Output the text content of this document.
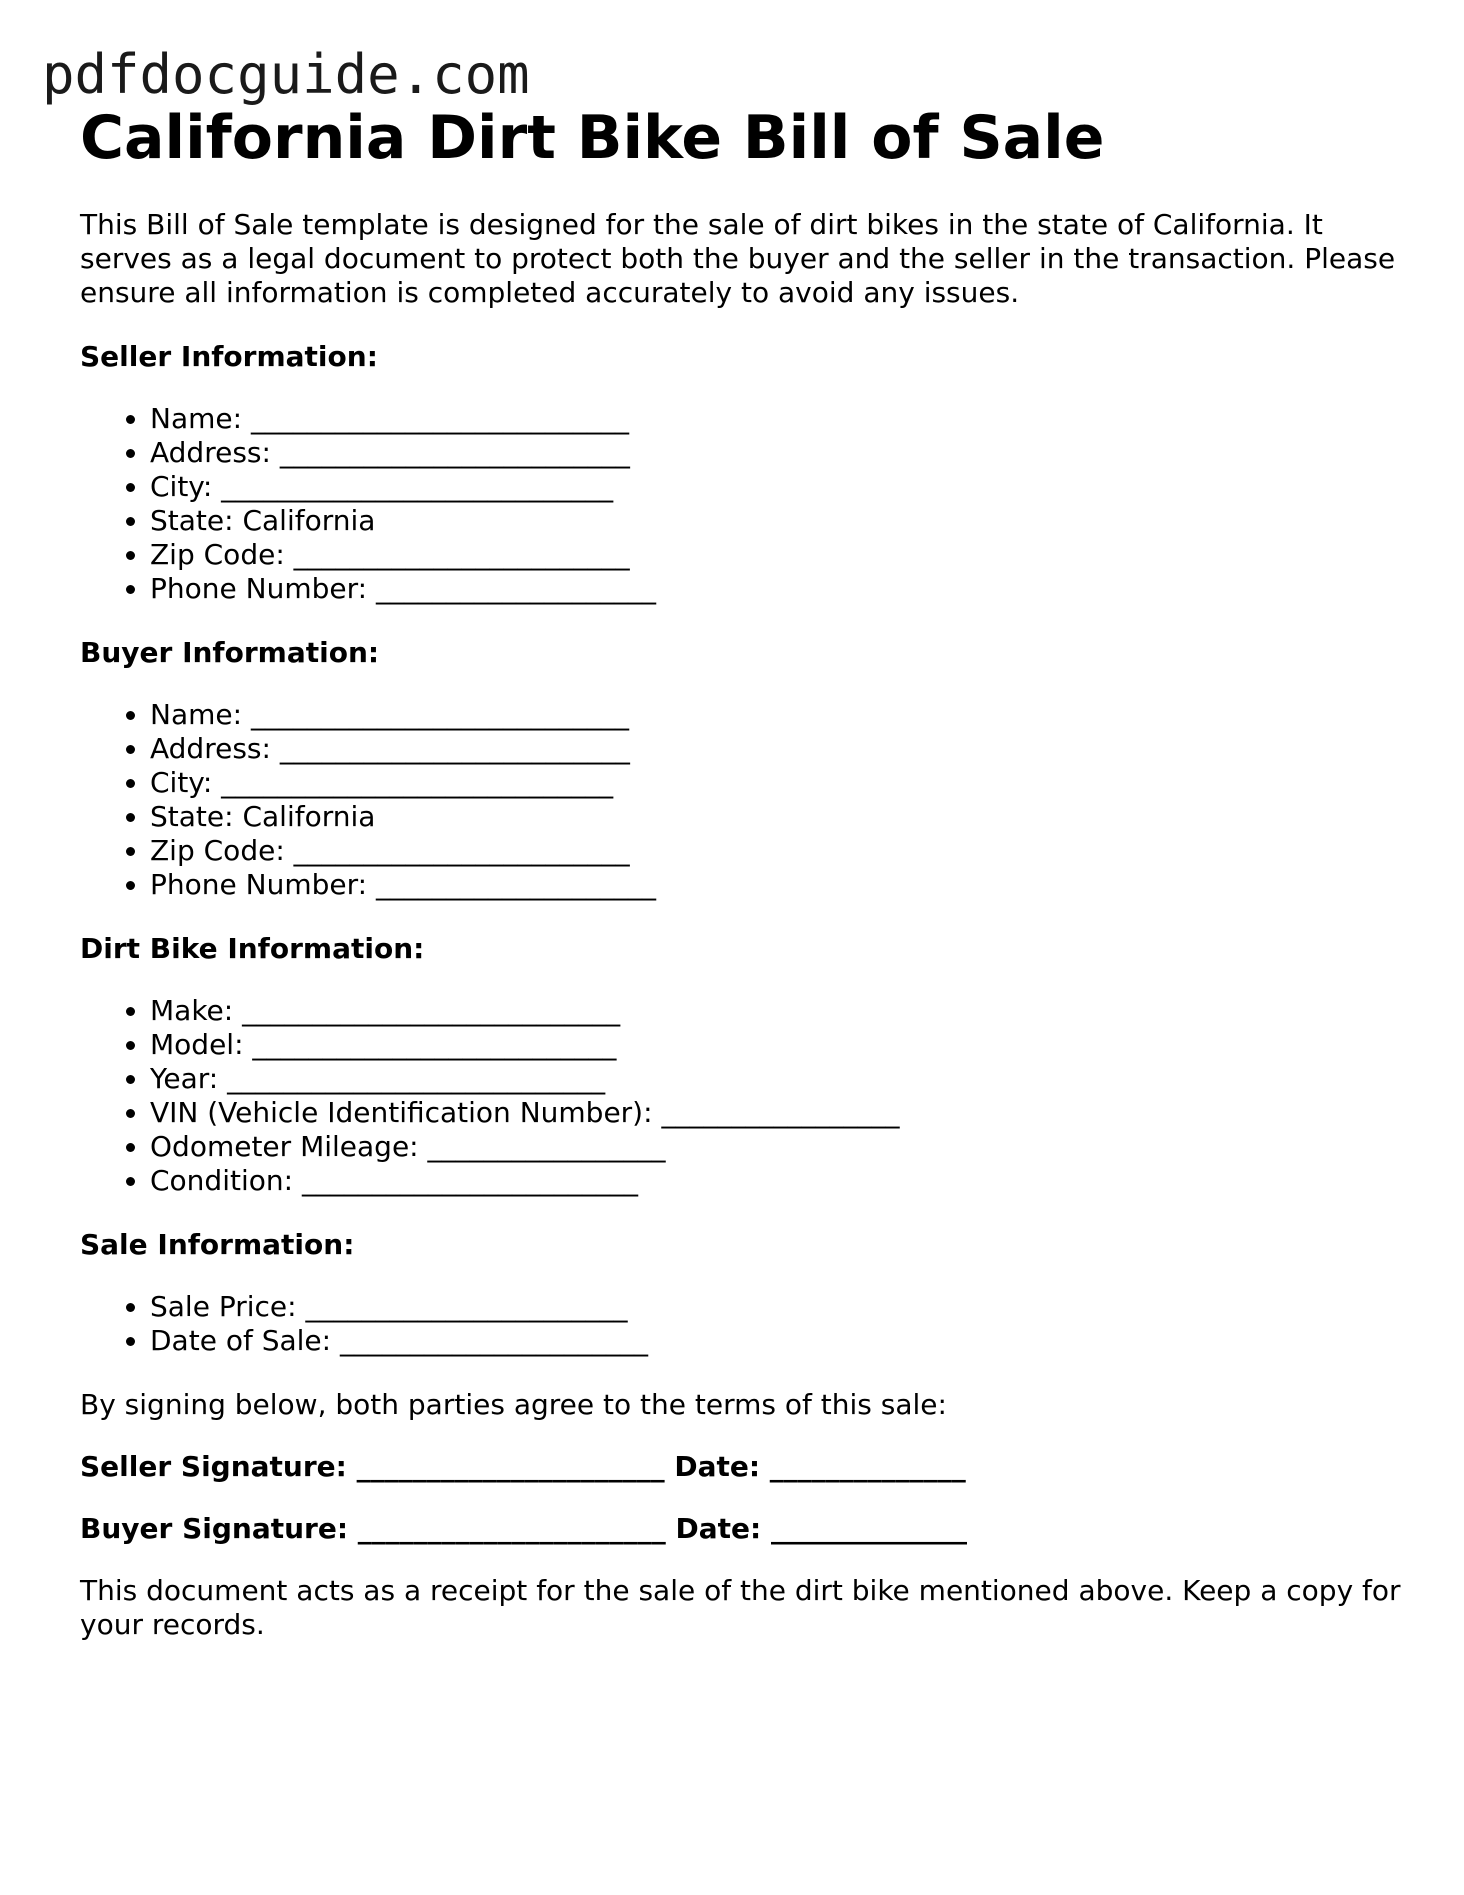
pdfdocguide.com
California Dirt Bike Bill of Sale

This Bill of Sale template is designed for the sale of dirt bikes in the state of California. It serves as a legal document to protect both the buyer and the seller in the transaction. Please ensure all information is completed accurately to avoid any issues.

Seller Information:
• Name: ___________________________
• Address: _________________________
• City: ____________________________
• State: California
• Zip Code: ________________________
• Phone Number: ____________________
Buyer Information:
• Name: ___________________________
• Address: _________________________
• City: ____________________________
• State: California
• Zip Code: ________________________
• Phone Number: ____________________
Dirt Bike Information:
• Make: ___________________________
• Model: __________________________
• Year: ___________________________
• VIN (Vehicle Identification Number): _________________
• Odometer Mileage: _________________
• Condition: ________________________
Sale Information:
• Sale Price: _______________________
• Date of Sale: ______________________

By signing below, both parties agree to the terms of this sale:

Seller Signature: ______________________ Date: ______________
Buyer Signature: ______________________ Date: ______________

This document acts as a receipt for the sale of the dirt bike mentioned above. Keep a copy for your records.
